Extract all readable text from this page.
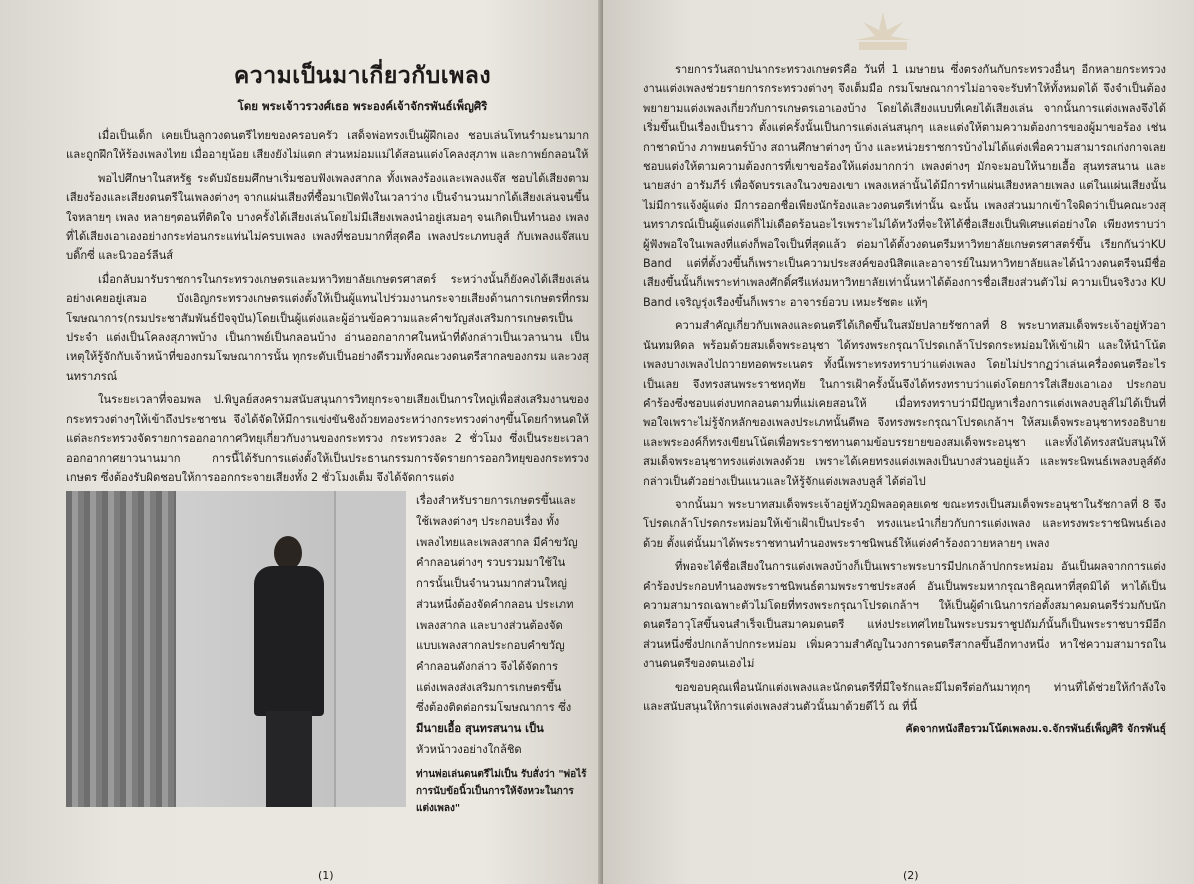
ความเป็นมาเกี่ยวกับเพลง
โดย พระเจ้าวรวงศ์เธอ พระองค์เจ้าจักรพันธ์เพ็ญศิริ

เมื่อเป็นเด็ก เคยเป็นลูกวงดนตรีไทยของครอบครัว เสด็จพ่อทรงเป็นผู้ฝึกเอง ชอบเล่นโทนรำมะนามากและถูกฝึกให้ร้องเพลงไทย เมื่ออายุน้อย เสียงยังไม่แตก ส่วนหม่อมแม่ได้สอนแต่งโคลงสุภาพ และกาพย์กลอนให้

พอไปศึกษาในสหรัฐ ระดับมัธยมศึกษาเริ่มชอบฟังเพลงสากล ทั้งเพลงร้องและเพลงแจ๊ส ชอบได้เสียงตามเสียงร้องและเสียงดนตรีในเพลงต่างๆ จากแผ่นเสียงที่ซื้อมาเปิดฟังในเวลาว่าง เป็นจำนวนมากได้เสียงเล่นจนขึ้นใจหลายๆ เพลง หลายๆตอนที่ติดใจ บางครั้งได้เสียงเล่นโดยไม่มีเสียงเพลงนำอยู่เสมอๆ จนเกิดเป็นทำนอง เพลงที่ได้เสียงเอาเองอย่างกระท่อนกระแท่นไม่ครบเพลง เพลงที่ชอบมากที่สุดคือ เพลงประเภทบลูส์ กับเพลงแจ๊สแบบดิ๊กซี่ และนิวออร์ลีนส์

เมื่อกลับมารับราชการในกระทรวงเกษตรและมหาวิทยาลัยเกษตรศาสตร์ ระหว่างนั้นก็ยังคงได้เสียงเล่นอย่างเคยอยู่เสมอ บังเอิญกระทรวงเกษตรแต่งตั้งให้เป็นผู้แทนไปร่วมงานกระจายเสียงด้านการเกษตรที่กรมโฆษณาการ(กรมประชาสัมพันธ์ปัจจุบัน)โดยเป็นผู้แต่งและผู้อ่านข้อความและคำขวัญส่งเสริมการเกษตรเป็นประจำ แต่งเป็นโคลงสุภาพบ้าง เป็นกาพย์เป็นกลอนบ้าง อ่านออกอากาศในหน้าที่ดังกล่าวเป็นเวลานาน เป็นเหตุให้รู้จักกับเจ้าหน้าที่ของกรมโฆษณาการนั้น ทุกระดับเป็นอย่างดีรวมทั้งคณะวงดนตรีสากลของกรม และวงสุนทราภรณ์

ในระยะเวลาที่จอมพล ป.พิบูลย์สงครามสนับสนุนการวิทยุกระจายเสียงเป็นการใหญ่เพื่อส่งเสริมงานของกระทรวงต่างๆให้เข้าถึงประชาชน จึงได้จัดให้มีการแข่งขันชิงถ้วยทองระหว่างกระทรวงต่างๆขึ้นโดยกำหนดให้แต่ละกระทรวงจัดรายการออกอากาศวิทยุเกี่ยวกับงานของกระทรวง กระทรวงละ 2 ชั่วโมง ซึ่งเป็นระยะเวลาออกอากาศยาวนานมาก การนี้ได้รับการแต่งตั้งให้เป็นประธานกรรมการจัดรายการออกวิทยุของกระทรวงเกษตร ซึ่งต้องรับผิดชอบให้การออกกระจายเสียงทั้ง 2 ชั่วโมงเต็ม จึงได้จัดการแต่ง

เรื่องสำหรับรายการเกษตรขึ้นและ

ใช้เพลงต่างๆ ประกอบเรื่อง ทั้ง

เพลงไทยและเพลงสากล มีคำขวัญ

คำกลอนต่างๆ รวบรวมมาใช้ใน

การนั้นเป็นจำนวนมากส่วนใหญ่

ส่วนหนึ่งต้องจัดคำกลอน ประเภท

เพลงสากล และบางส่วนต้องจัด

แบบเพลงสากลประกอบคำขวัญ

คำกลอนดังกล่าว จึงได้จัดการ

แต่งเพลงส่งเสริมการเกษตรขึ้น

ซึ่งต้องติดต่อกรมโฆษณาการ ซึ่ง

มีนายเอื้อ สุนทรสนาน เป็น

หัวหน้าวงอย่างใกล้ชิด

ท่านพ่อเล่นดนตรีไม่เป็น รับสั่งว่า "พ่อไร้การนับข้อนิ้วเป็นการให้จังหวะในการแต่งเพลง"
(1)

รายการวันสถาปนากระทรวงเกษตรคือ วันที่ 1 เมษายน ซึ่งตรงกันกับกระทรวงอื่นๆ อีกหลายกระทรวง งานแต่งเพลงช่วยรายการกระทรวงต่างๆ จึงเต็มมือ กรมโฆษณาการไม่อาจจะรับทำให้ทั้งหมดได้ จึงจำเป็นต้องพยายามแต่งเพลงเกี่ยวกับการเกษตรเอาเองบ้าง โดยได้เสียงแบบที่เคยได้เสียงเล่น จากนั้นการแต่งเพลงจึงได้เริ่มขึ้นเป็นเรื่องเป็นราว ตั้งแต่ครั้งนั้นเป็นการแต่งเล่นสนุกๆ และแต่งให้ตามความต้องการของผู้มาขอร้อง เช่น กาชาดบ้าง ภาพยนตร์บ้าง สถานศึกษาต่างๆ บ้าง และหน่วยราชการบ้างไม่ได้แต่งเพื่อความสามารถเก่งกาจเลย ชอบแต่งให้ตามความต้องการที่เขาขอร้องให้แต่งมากกว่า เพลงต่างๆ มักจะมอบให้นายเอื้อ สุนทรสนาน และนายสง่า อารัมภีร์ เพื่อจัดบรรเลงในวงของเขา เพลงเหล่านั้นได้มีการทำแผ่นเสียงหลายเพลง แต่ในแผ่นเสียงนั้นไม่มีการแจ้งผู้แต่ง มีการออกชื่อเพียงนักร้องและวงดนตรีเท่านั้น ฉะนั้น เพลงส่วนมากเข้าใจผิดว่าเป็นคณะวงสุนทราภรณ์เป็นผู้แต่งแต่ก็ไม่เดือดร้อนอะไรเพราะไม่ได้หวังที่จะให้ได้ชื่อเสียงเป็นพิเศษแต่อย่างใด เพียงทราบว่าผู้ฟังพอใจในเพลงที่แต่งก็พอใจเป็นที่สุดแล้ว ต่อมาได้ตั้งวงดนตรีมหาวิทยาลัยเกษตรศาสตร์ขึ้น เรียกกันว่าKU Band แต่ที่ตั้งวงขึ้นก็เพราะเป็นความประสงค์ของนิสิตและอาจารย์ในมหาวิทยาลัยและได้นำวงดนตรีจนมีชื่อเสียงขึ้นนั้นก็เพราะท่าเพลงศักดิ์ศรีแห่งมหาวิทยาลัยเท่านั้นหาได้ต้องการชื่อเสียงส่วนตัวไม่ ความเป็นจริงวง KU Band เจริญรุ่งเรืองขึ้นก็เพราะ อาจารย์อวบ เหมะรัชตะ แท้ๆ

ความสำคัญเกี่ยวกับเพลงและดนตรีได้เกิดขึ้นในสมัยปลายรัชกาลที่ 8 พระบาทสมเด็จพระเจ้าอยู่หัวอานันทมหิดล พร้อมด้วยสมเด็จพระอนุชา ได้ทรงพระกรุณาโปรดเกล้าโปรดกระหม่อมให้เข้าเฝ้า และให้นำโน้ตเพลงบางเพลงไปถวายทอดพระเนตร ทั้งนี้เพราะทรงทราบว่าแต่งเพลง โดยไม่ปรากฏว่าเล่นเครื่องดนตรีอะไรเป็นเลย จึงทรงสนพระราชหฤทัย ในการเฝ้าครั้งนั้นจึงได้ทรงทราบว่าแต่งโดยการใส่เสียงเอาเอง ประกอบคำร้องซึ่งชอบแต่งบทกลอนตามที่แม่เคยสอนให้ เมื่อทรงทราบว่ามีปัญหาเรื่องการแต่งเพลงบลูส์ไม่ได้เป็นที่พอใจเพราะไม่รู้จักหลักของเพลงประเภทนั้นดีพอ จึงทรงพระกรุณาโปรดเกล้าฯ ให้สมเด็จพระอนุชาทรงอธิบาย และพระองค์ก็ทรงเขียนโน้ตเพื่อพระราชทานตามข้อบรรยายของสมเด็จพระอนุชา และทั้งได้ทรงสนับสนุนให้สมเด็จพระอนุชาทรงแต่งเพลงด้วย เพราะได้เคยทรงแต่งเพลงเป็นบางส่วนอยู่แล้ว และพระนิพนธ์เพลงบลูส์ดังกล่าวเป็นตัวอย่างเป็นแนวและให้รู้จักแต่งเพลงบลูส์ ได้ต่อไป

จากนั้นมา พระบาทสมเด็จพระเจ้าอยู่หัวภูมิพลอดุลยเดช ขณะทรงเป็นสมเด็จพระอนุชาในรัชกาลที่ 8 จึงโปรดเกล้าโปรดกระหม่อมให้เข้าเฝ้าเป็นประจำ ทรงแนะนำเกี่ยวกับการแต่งเพลง และทรงพระราชนิพนธ์เองด้วย ตั้งแต่นั้นมาได้พระราชทานทำนองพระราชนิพนธ์ให้แต่งคำร้องถวายหลายๆ เพลง

ที่พอจะได้ชื่อเสียงในการแต่งเพลงบ้างก็เป็นเพราะพระบารมีปกเกล้าปกกระหม่อม อันเป็นผลจากการแต่งคำร้องประกอบทำนองพระราชนิพนธ์ตามพระราชประสงค์ อันเป็นพระมหากรุณาธิคุณหาที่สุดมิได้ หาได้เป็นความสามารถเฉพาะตัวไม่โดยที่ทรงพระกรุณาโปรดเกล้าฯ ให้เป็นผู้ดำเนินการก่อตั้งสมาคมดนตรีร่วมกับนักดนตรีอาวุโสขึ้นจนสำเร็จเป็นสมาคมดนตรี แห่งประเทศไทยในพระบรมราชูปถัมภ์นั้นก็เป็นพระราชบารมีอีกส่วนหนึ่งซึ่งปกเกล้าปกกระหม่อม เพิ่มความสำคัญในวงการดนตรีสากลขึ้นอีกทางหนึ่ง หาใช่ความสามารถในงานดนตรีของตนเองไม่

ขอขอบคุณเพื่อนนักแต่งเพลงและนักดนตรีที่มีใจรักและมีไมตรีต่อกันมาทุกๆ ท่านที่ได้ช่วยให้กำลังใจและสนับสนุนให้การแต่งเพลงส่วนตัวนั้นมาด้วยดีไว้ ณ ที่นี้

คัดจากหนังสือรวมโน้ตเพลงม.จ.จักรพันธ์เพ็ญศิริ จักรพันธุ์
(2)
